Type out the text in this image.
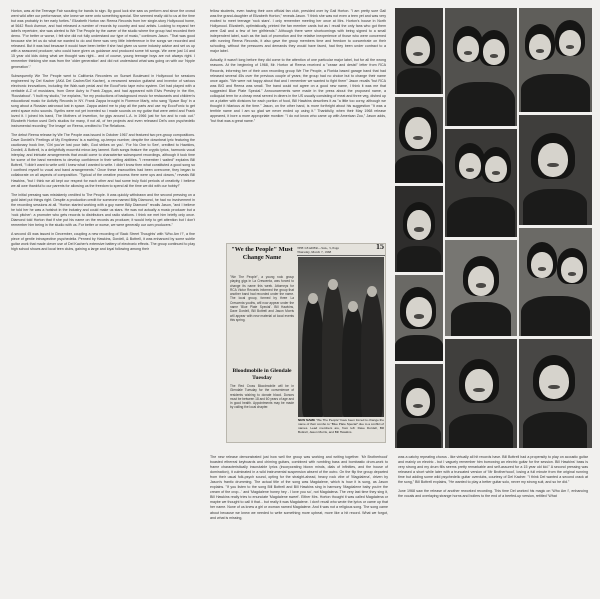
Horton, was at the Teenage Fair scouting for bands to sign. By good luck she saw us perform and since the crowd went wild after our performance, she knew we were onto something special. She seemed really old to us at the time but was probably in her early forties." Elizabeth Horton ran Reena Records from her single-story Hollywood home, at 5642 Rock Avenue, and had released a number of records by country and soul artists. Looking to expand her label's repertoire, she was alerted to We The People by the owner of the studio where the group had recorded their demo. "For better or worse, I felt she did not fully understand our type of music," continues Jason. "That was good because she let us do what we wanted to do and there was very little interference in the songs we recorded and released. But it was bad because it would have been better if she had given us some industry advice and set us up with a seasoned producer, who could have given us guidance and produced some hit songs. We were just 14 and 15 year old kids doing what we thought was right... and of course, young teenage boys are not always right. I remember thinking she was from the 'older generation' and did not understand what was going on with our 'hippie generation'."

Subsequently We The People went to California Recorders on Sunset Boulevard in Hollywood for sessions engineered by Del Kacher (AKA Del Cacher/Del Kacher), a renowned session guitarist and inventor of various electronic innovations, including the Wah-wah pedal and the EccoFonic tape echo system. Del had played with a veritable A-Z of musicians, from Gene Autry to Frank Zappa, and had appeared with Elvis Presley in the film, 'Roustabout'. "I built my studio," he explains, "for my productions of background music for restaurants and children's educational music for Activity Records in NY. Frank Zappa brought in Florence Marly, who sang 'Space Boy' in a song about a Russian astronaut lost in space. Zappa asked me to play all the parts and use my EccoFonic to get weird space echo sounds. Synths were not yet invented so I made sounds on my guitar that were weird and Frank loved it. I joined his band, The Mothers of Invention, for gigs around L.A. in 1966 just for fun and to rock out." Elizabeth Horton used Del's studios for many, if not all, of her projects and even released Del's own psychedelic instrumental recording 'The Image' on Reena, credited to The Relations.

The debut Reena release by We The People was issued in October 1967 and featured two pre-group compositions. Dave Dordell's 'Feelings of My Emptiness' is a swirling, up-tempo number, despite the downbeat lyric featuring the cautionary hook line, 'Girl you've lost your faith, God strikes on you'. 'For No One to See', credited to Hawkins, Dordell, & Bottrell, is a delightfully mournful minor-key lament. Both songs feature the cryptic lyrics, harmonic vocal interplay, and intricate arrangements that would come to characterise subsequent recordings, although it took time for some of the band members to develop confidence in their writing abilities. "I remember I waited" explains Bill Bottrell, "I didn't want to write until I knew what I wanted to write. I didn't know then what constituted a good song so I confined myself to vocal and band arrangements." Once these insecurities had been overcome, they began to collaborate on all aspects of composition. "Typical of the creative process there were ups and downs," reveals Bill Hawkins, "but I think we all kept our respect for each other and had some truly fluid periods of creativity. I believe we all owe thankful to our parents for allowing us the freedom to spend all the time we did with our hobby!"

The initial pressing was mistakenly credited to The People. It was quickly withdrawn and the second pressing on a gold label put things right. Despite a production credit for someone named Billy Diamond, he had no involvement in the recording sessions at all. "Horton started working with a guy name Billy Diamond" recalls Jason, "and I believe he told her he was a hotshot in the industry and could make us stars. He was not actually a music producer but a 'rock pitcher': a promoter who gets records to distributors and radio stations. I think we met him briefly only once. Diamond told Horton that if she put his name on the records as producer, it would help to get attention but I don't remember him being in the studio with us. For better or worse, we were generally our own producers."

A second 45 was issued in December, coupling a new recording of 'Back Street Thoughts' with 'Who Am I?', a fine piece of gentle introspective psychedelia. Penned by Hawkins, Dordell, & Bottrell, it was enhanced by some subtle guitar work that made clever use of Del Kacher's extensive battery of electronic effects. The group continued to play high school shows and local teen clubs, gaining a large and loyal following among their

fellow students, even having their own official fan club, presided over by Gail Horton. "I am pretty sure Gail was the grand-daughter of Elizabeth Horton," reveals Jason. "I think she was not even a teen yet and was very excited to meet teenage 'rock stars'. I only remember meeting her once at Mrs. Horton's house in North Hollywood. Elizabeth, optimistically, printed the fan member cards but as I recall the only fans who got them were Gail and a few of her girlfriends." Although there were shortcomings with being signed to a small independent label, such as the lack of promotion and the relative inexperience of those who were concerned with running Reena Records, it also gave the group members time and freedom to concentrate on their schooling, without the pressures and demands they would have faced, had they been under contract to a major label.

Actually, it wasn't long before they did come to the attention of one particular major label, but for all the wrong reasons. At the beginning of 1968, Mr. Horton at Reena received a "cease and desist" letter from RCA Records, informing her of their own recording group We The People, a Florida based garage band that had released several 45s over the previous couple of years; the group had no choice but to change their name once again. "We were not happy about that and I remember we wanted to fight them" Jason recalls "but RCA was BIG and Reena was small. The band could not agree on a good new name, I think it was me that suggested Blue Plate Special." Announcements were made in the press about the proposed name, a colloquial term for a cheap meal served in diners in the US usually consisting of meat and three veg, dished up on a platter with divisions for each portion of food, Bill Hawkins describes it as "a little too corny, although we thought it hilarious at the time." Jason, on the other hand, is more forthright about his suggestion "It was a terrible name and I am so glad we never ended up using it." Thankfully, when their May 1968 release appeared, it bore a more appropriate moniker. "I do not know who came up with American Zoo," Jason adds, "but that was a great name."

"We the People" Must Change Name
THE LEADER—Sun., 3, Page
Thursday, March 7, 1968
15
"We The People", a young rock group playing gigs in La Crescenta, was forced to change its name this week. Attorneys for RCA Victor Records informed the group that another band had recorded under the name. The local group, formed by three La Crescenta youths, will now appear under the name 'Blue Plate Special'. Bill Hawkins, Dave Dordell, Bill Bottrell and Jason Morris will appear with new material at local events this spring.
Bloodmobile in Glendale Tuesday
The Red Cross Bloodmobile will be in Glendale Tuesday for the convenience of residents wishing to donate blood. Donors must be between 18 and 60 years of age and in good health. Appointments may be made by calling the local chapter.
NEW NAME "We The People" have been forced to change the name of their combo to "Blue Plate Special" due to a conflict of names. Lead members are, from left: Dave Dordell, Bill Bottrell, Jason Morris, and Bill Hawkins.

The new release demonstrated just how well the group was working and writing together. 'Mr Brotherhood' boasted ethereal keyboards and chiming guitars, combined with rumbling bass and bombastic drum-work to frame characteristically inscrutable lyrics (incorporating blown minds, dials of infinities, and the house of domination), it culminated in a wild instrumental suspension absent of the outro. On the flip the group departed from their usual folk-psych sound, opting for the straight-ahead, heavy rock vibe of 'Magdalena', driven by Jason's frantic drumming. The actual title of the song was Magdalene, which is how it is sung, as Jason explains. "If you listen to the song Bill Bottrell and Bill Hawkins sing in harmony 'Magdalene baby you're the cream of the crop...' and 'Magdalene honey hey - I love you so', not Magdalena. The very last time they sing it, Bill Hawkins really tries to enunciate 'Magdalene sweet'. Either Mrs. Horton thought it was called Magdalena or maybe we thought to call it that... but really it was Magdalene. I don't recall who wrote the lyrics or came up that her name. None of us knew a girl or woman named Magdalene. And it was not a religious song. The song came about because we knew we needed to write something more upbeat, more like a hit record. What we forgot, and what is missing,

was a catchy repeating chorus - like virtually all hit records have. Bill Bottrell had a propensity to play on acoustic guitar and mainly on electric - but I vaguely remember him borrowing an electric guitar for the session. Bill Hawkins' bass is very strong and my drum fills seems pretty remarkable and self-assured for a 15 year old kid." A second pressing was released a short while later with a truncated version of 'Mr Brotherhood', losing a full minute from the original running time but adding some wild psychedelic guitar overdubs, courtesy of Del Kacher. "I think Del wanted a second crack at the song," Bill Bottrell explains, "He wanted to play a better guitar solo, never my strong suit, and so he did."

June 1968 saw the release of another reworked recording. This time Del worked his magic on 'Who Am I', enhancing the vocals and overlaying strange horns and boilers to the end of a beefed-up version, retitled 'What
